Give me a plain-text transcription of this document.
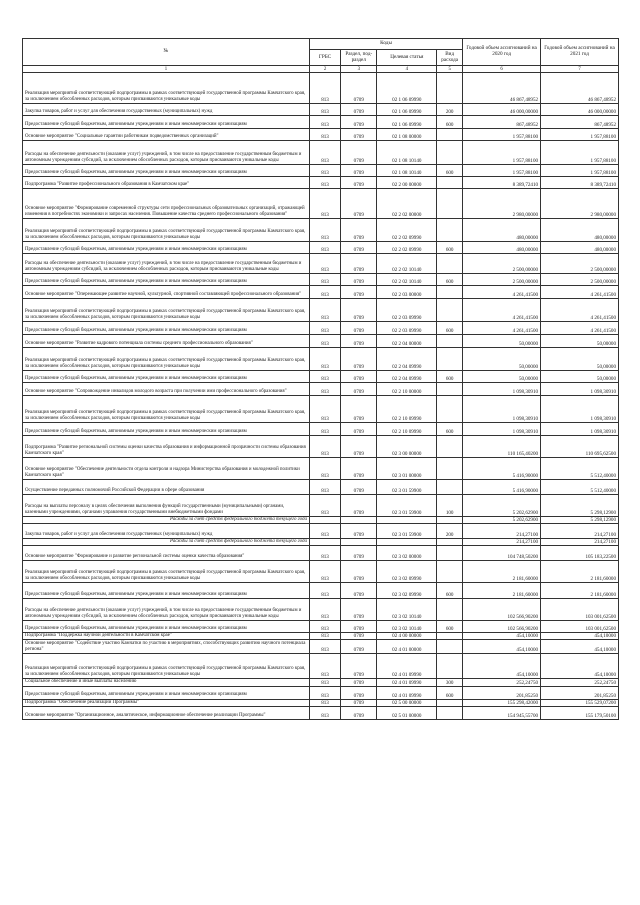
№	Коды				Годовой объем ассигнований на 2020 год	Годовой объем ассигнований на 2021 год
	ГРБС	Раздел, под-раздел	Целевая статья	Вид расхода		
1	2	3	4	5	6	7
Реализация мероприятий соответствующей подпрограммы в рамках соответствующей государственной программы Камчатского края, за исключением обособленных расходов, которым присваиваются уникальные коды	813	0709	02 1 06 09990		46 867,48952	46 867,48952
Закупка товаров, работ и услуг для обеспечения государственных (муниципальных) нужд	813	0709	02 1 06 09990	200	46 000,00000	46 000,00000
Предоставление субсидий бюджетным, автономным учреждениям и иным некоммерческим организациям	813	0709	02 1 06 09990	600	867,48952	867,48952
Основное мероприятие "Социальные гарантии работникам подведомственных организаций"	813	0709	02 1 08 00000		1 957,88100	1 957,88100
Расходы на обеспечение деятельности (оказание услуг) учреждений, в том числе на предоставление государственным бюджетным и автономным учреждениям субсидий, за исключением обособленных расходов, которым присваиваются уникальные коды	813	0709	02 1 08 10140		1 957,88100	1 957,88100
Предоставление субсидий бюджетным, автономным учреждениям и иным некоммерческим организациям	813	0709	02 1 08 10140	600	1 957,88100	1 957,88100
Подпрограмма "Развитие профессионального образования в Камчатском крае"	813	0709	02 2 00 00000		8 389,72410	8 389,72410
Основное мероприятие "Формирование современной структуры сети профессиональных образовательных организаций, отражающей изменения в потребностях экономики и запросах населения. Повышение качества среднего профессионального образования"	813	0709	02 2 02 00000		2 980,00000	2 980,00000
Реализация мероприятий соответствующей подпрограммы в рамках соответствующей государственной программы Камчатского края, за исключением обособленных расходов, которым присваиваются уникальные коды	813	0709	02 2 02 09990		480,00000	480,00000
Предоставление субсидий бюджетным, автономным учреждениям и иным некоммерческим организациям	813	0709	02 2 02 09990	600	480,00000	480,00000
Расходы на обеспечение деятельности (оказание услуг) учреждений, в том числе на предоставление государственным бюджетным и автономным учреждениям субсидий, за исключением обособленных расходов, которым присваиваются уникальные коды	813	0709	02 2 02 10140		2 500,00000	2 500,00000
Предоставление субсидий бюджетным, автономным учреждениям и иным некоммерческим организациям	813	0709	02 2 02 10140	600	2 500,00000	2 500,00000
Основное мероприятие "Опережающее развитие научной, культурной, спортивной составляющей профессионального образования"	813	0709	02 2 03 00000		4 261,41500	4 261,41500
Реализация мероприятий соответствующей подпрограммы в рамках соответствующей государственной программы Камчатского края, за исключением обособленных расходов, которым присваиваются уникальные коды	813	0709	02 2 03 09990		4 261,41500	4 261,41500
Предоставление субсидий бюджетным, автономным учреждениям и иным некоммерческим организациям	813	0709	02 2 03 09990	600	4 261,41500	4 261,41500
Основное мероприятие "Развитие кадрового потенциала системы среднего профессионального образования"	813	0709	02 2 04 00000		50,00000	50,00000
Реализация мероприятий соответствующей подпрограммы в рамках соответствующей государственной программы Камчатского края, за исключением обособленных расходов, которым присваиваются уникальные коды	813	0709	02 2 04 09990		50,00000	50,00000
Предоставление субсидий бюджетным, автономным учреждениям и иным некоммерческим организациям	813	0709	02 2 04 09990	600	50,00000	50,00000
Основное мероприятие "Сопровождение инвалидов молодого возраста при получении ими профессионального образования"	813	0709	02 2 10 00000		1 098,30910	1 098,30910
Реализация мероприятий соответствующей подпрограммы в рамках соответствующей государственной программы Камчатского края, за исключением обособленных расходов, которым присваиваются уникальные коды	813	0709	02 2 10 09990		1 098,30910	1 098,30910
Предоставление субсидий бюджетным, автономным учреждениям и иным некоммерческим организациям	813	0709	02 2 10 09990	600	1 098,30910	1 098,30910
Подпрограмма "Развитие региональной системы оценки качества образования и информационной прозрачности системы образования Камчатского края"	813	0709	02 3 00 00000		110 165,40200	110 695,62500
Основное мероприятие "Обеспечение деятельности отдела контроля и надзора Министерства образования и молодежной политики Камчатского края"	813	0709	02 3 01 00000		5 416,90000	5 512,40000
Осуществление переданных полномочий Российской Федерации в сфере образования	813	0709	02 3 01 59900		5 416,90000	5 512,40000
Расходы на выплаты персоналу в целях обеспечения выполнения функций государственными (муниципальными) органами, казенными учреждениями, органами управления государственными внебюджетными фондами	813	0709	02 3 01 59900	100	5 202,62900	5 298,12900
Расходы за счет средств федерального бюджета текущего года					5 202,62900	5 298,12900
Закупка товаров, работ и услуг для обеспечения государственных (муниципальных) нужд	813	0709	02 3 01 59900	200	214,27100	214,27100
Расходы за счет средств федерального бюджета текущего года					214,27100	214,27100
Основное мероприятие "Формирование и развитие региональной системы оценки качества образования"	813	0709	02 3 02 00000		104 748,50200	105 183,22500
Реализация мероприятий соответствующей подпрограммы в рамках соответствующей государственной программы Камчатского края, за исключением обособленных расходов, которым присваиваются уникальные коды	813	0709	02 3 02 09990		2 181,60000	2 181,60000
Предоставление субсидий бюджетным, автономным учреждениям и иным некоммерческим организациям	813	0709	02 3 02 09990	600	2 181,60000	2 181,60000
Расходы на обеспечение деятельности (оказание услуг) учреждений, в том числе на предоставление государственным бюджетным и автономным учреждениям субсидий, за исключением обособленных расходов, которым присваиваются уникальные коды	813	0709	02 3 02 10140		102 566,90200	103 001,62500
Предоставление субсидий бюджетным, автономным учреждениям и иным некоммерческим организациям	813	0709	02 3 02 10140	600	102 566,90200	103 001,62500
Подпрограмма "Поддержка научной деятельности в Камчатском крае"	813	0709	02 4 00 00000		454,10000	454,10000
Основное мероприятие "Содействие участию Камчатки по участию в мероприятиях, способствующих развитию научного потенциала региона"	813	0709	02 4 01 00000		454,10000	454,10000
Реализация мероприятий соответствующей подпрограммы в рамках соответствующей государственной программы Камчатского края, за исключением обособленных расходов, которым присваиваются уникальные коды	813	0709	02 4 01 09990		454,10000	454,10000
Социальное обеспечение и иные выплаты населению	813	0709	02 4 01 09990	300	252,24750	252,24750
Предоставление субсидий бюджетным, автономным учреждениям и иным некоммерческим организациям	813	0709	02 4 01 09990	600	201,85250	201,85250
Подпрограмма "Обеспечение реализации Программы"	813	0709	02 5 00 00000		155 298,42000	155 529,07200
Основное мероприятие "Организационное, аналитическое, информационное обеспечение реализации Программы"	813	0709	02 5 01 00000		154 945,55700	155 179,50100
